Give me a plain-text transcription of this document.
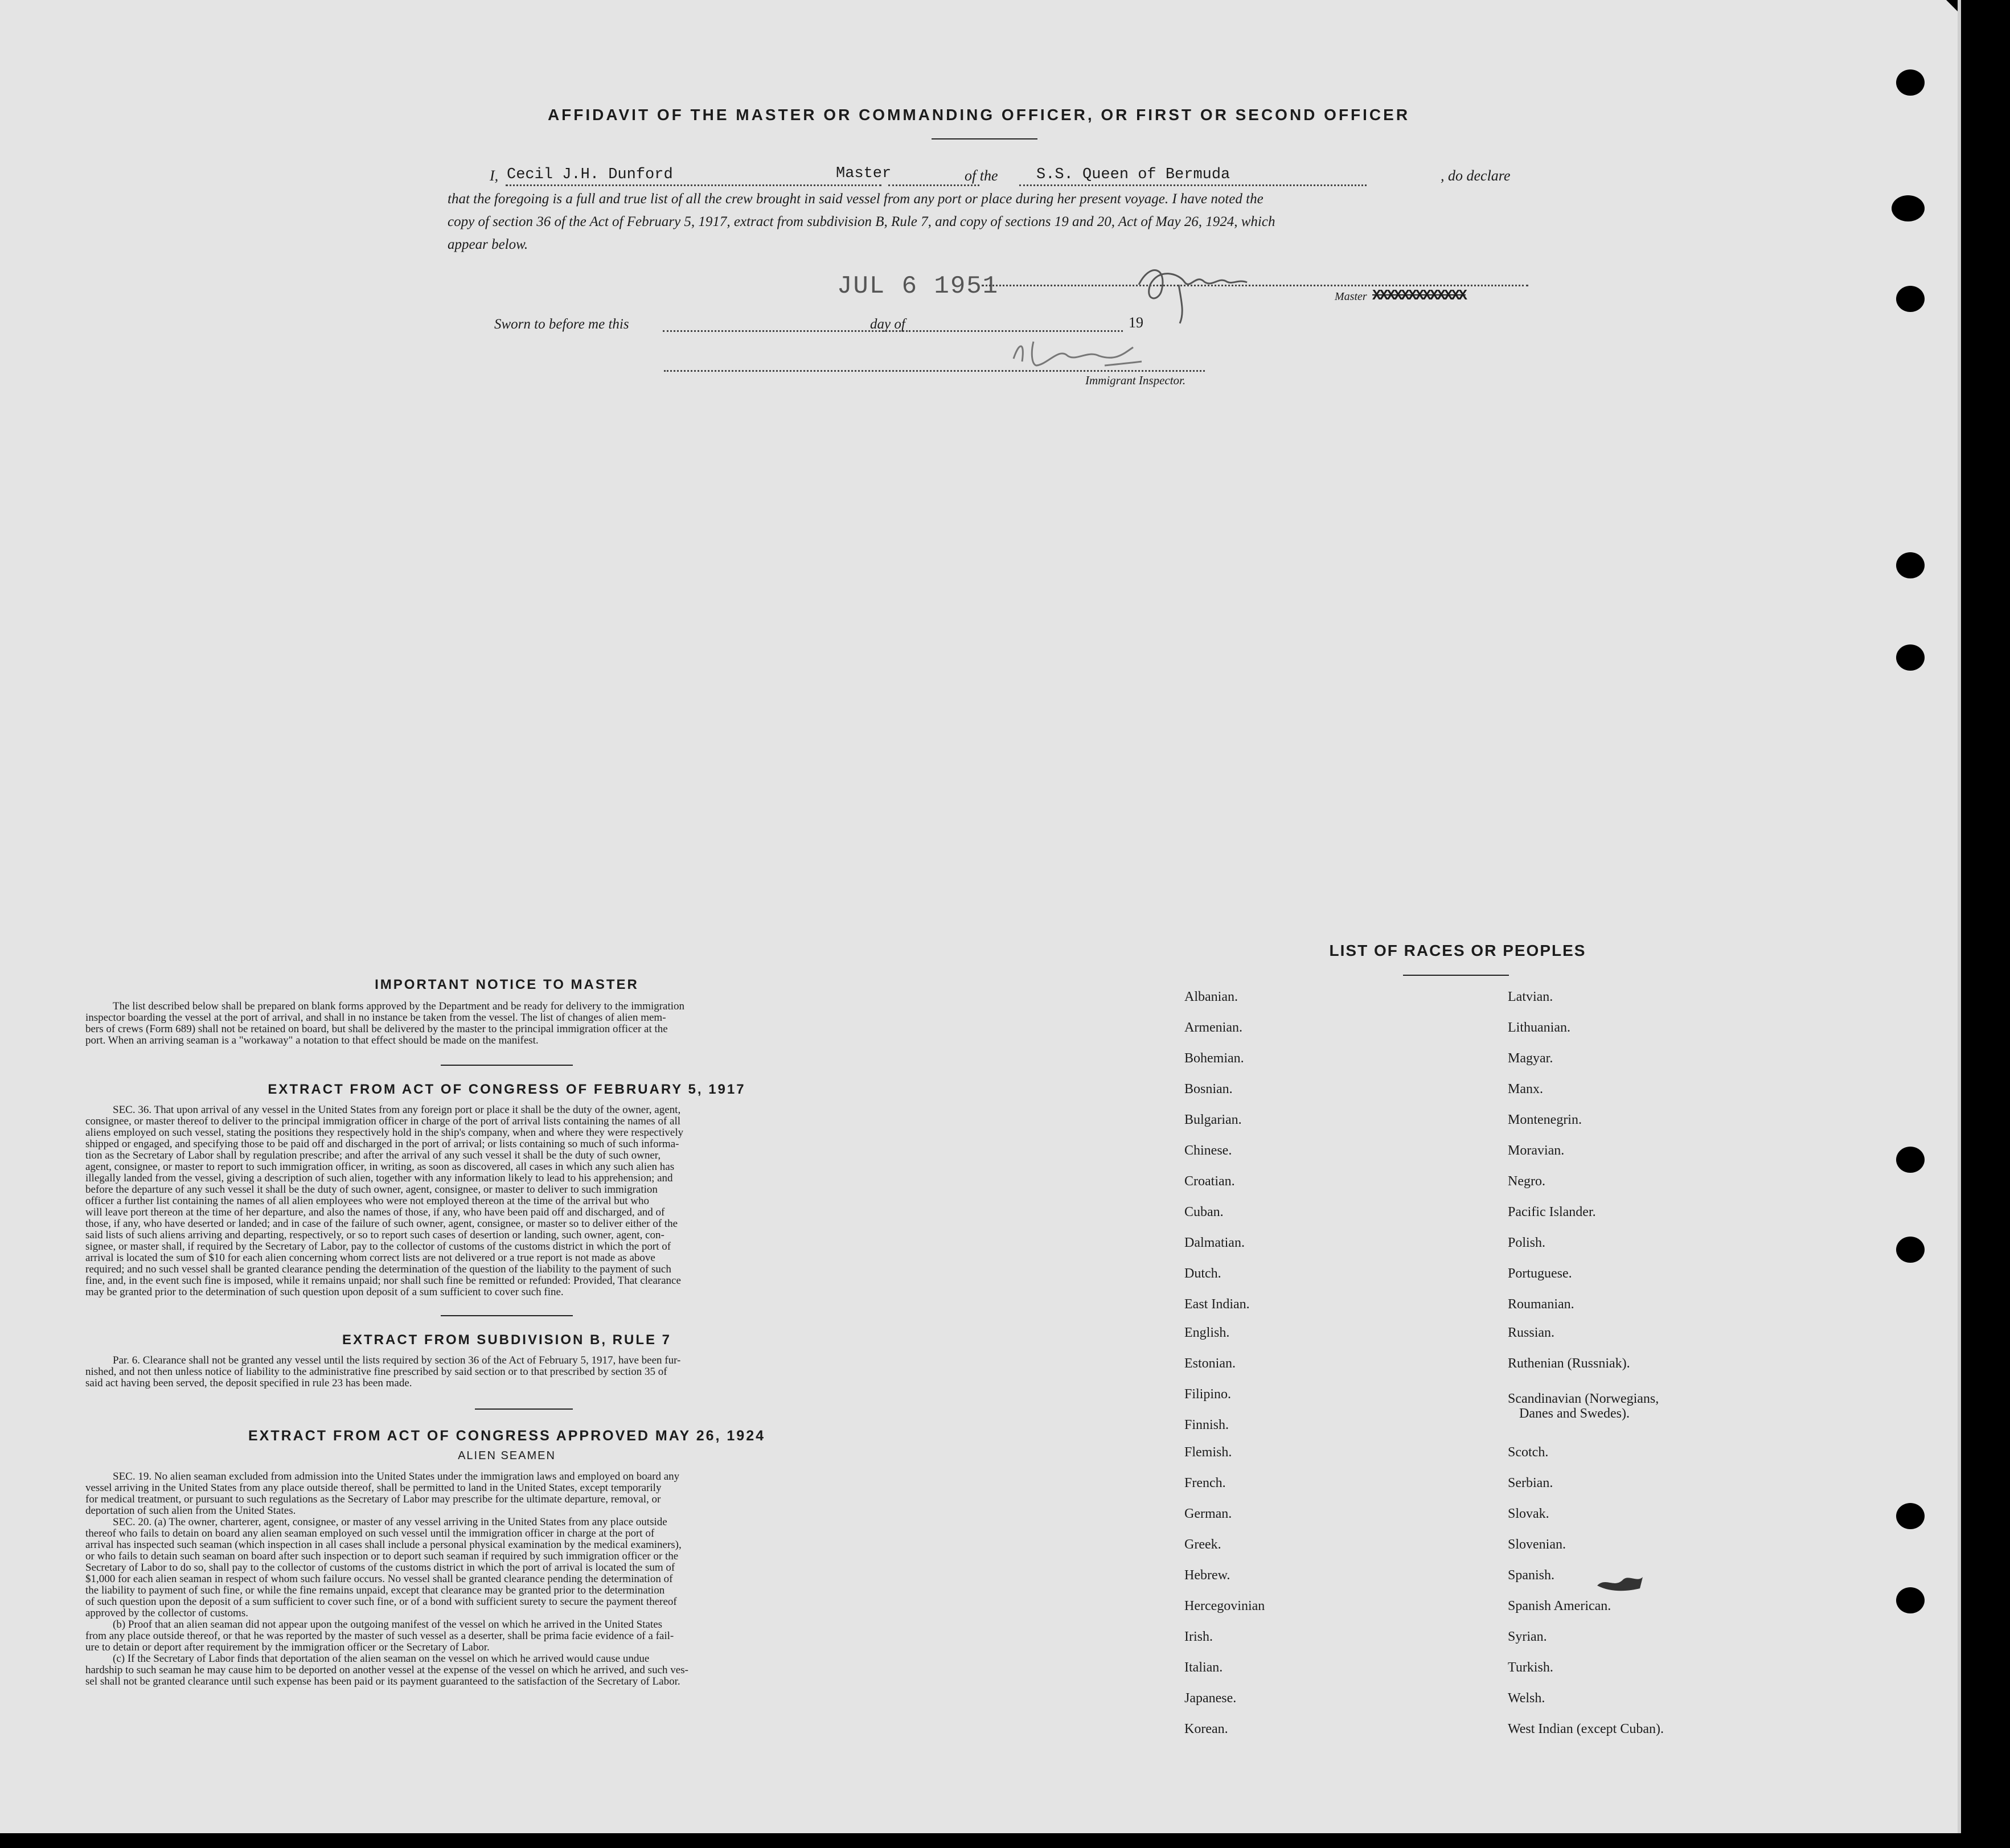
AFFIDAVIT OF THE MASTER OR COMMANDING OFFICER, OR FIRST OR SECOND OFFICER
I, Cecil J.H. Dunford	Master	of the	S.S. Queen of Bermuda	, do declare
that the foregoing is a full and true list of all the crew brought in said vessel from any port or place during her present voyage. I have noted the
copy of section 36 of the Act of February 5, 1917, extract from subdivision B, Rule 7, and copy of sections 19 and 20, Act of May 26, 1924, which
appear below.
JUL 6 1951	Master XXXXXXXXXXXXX
Sworn to before me this	day of	19
Immigrant Inspector.
IMPORTANT NOTICE TO MASTER
The list described below shall be prepared on blank forms approved by the Department and be ready for delivery to the immigration
inspector boarding the vessel at the port of arrival, and shall in no instance be taken from the vessel. The list of changes of alien mem-
bers of crews (Form 689) shall not be retained on board, but shall be delivered by the master to the principal immigration officer at the
port. When an arriving seaman is a "workaway" a notation to that effect should be made on the manifest.
EXTRACT FROM ACT OF CONGRESS OF FEBRUARY 5, 1917
SEC. 36. That upon arrival of any vessel in the United States from any foreign port or place it shall be the duty of the owner, agent,
consignee, or master thereof to deliver to the principal immigration officer in charge of the port of arrival lists containing the names of all
aliens employed on such vessel, stating the positions they respectively hold in the ship's company, when and where they were respectively
shipped or engaged, and specifying those to be paid off and discharged in the port of arrival; or lists containing so much of such informa-
tion as the Secretary of Labor shall by regulation prescribe; and after the arrival of any such vessel it shall be the duty of such owner,
agent, consignee, or master to report to such immigration officer, in writing, as soon as discovered, all cases in which any such alien has
illegally landed from the vessel, giving a description of such alien, together with any information likely to lead to his apprehension; and
before the departure of any such vessel it shall be the duty of such owner, agent, consignee, or master to deliver to such immigration
officer a further list containing the names of all alien employees who were not employed thereon at the time of the arrival but who
will leave port thereon at the time of her departure, and also the names of those, if any, who have been paid off and discharged, and of
those, if any, who have deserted or landed; and in case of the failure of such owner, agent, consignee, or master so to deliver either of the
said lists of such aliens arriving and departing, respectively, or so to report such cases of desertion or landing, such owner, agent, con-
signee, or master shall, if required by the Secretary of Labor, pay to the collector of customs of the customs district in which the port of
arrival is located the sum of $10 for each alien concerning whom correct lists are not delivered or a true report is not made as above
required; and no such vessel shall be granted clearance pending the determination of the question of the liability to the payment of such
fine, and, in the event such fine is imposed, while it remains unpaid; nor shall such fine be remitted or refunded: Provided, That clearance
may be granted prior to the determination of such question upon deposit of a sum sufficient to cover such fine.
EXTRACT FROM SUBDIVISION B, RULE 7
Par. 6. Clearance shall not be granted any vessel until the lists required by section 36 of the Act of February 5, 1917, have been fur-
nished, and not then unless notice of liability to the administrative fine prescribed by said section or to that prescribed by section 35 of
said act having been served, the deposit specified in rule 23 has been made.
EXTRACT FROM ACT OF CONGRESS APPROVED MAY 26, 1924
ALIEN SEAMEN
SEC. 19. No alien seaman excluded from admission into the United States under the immigration laws and employed on board any
vessel arriving in the United States from any place outside thereof, shall be permitted to land in the United States, except temporarily
for medical treatment, or pursuant to such regulations as the Secretary of Labor may prescribe for the ultimate departure, removal, or
deportation of such alien from the United States.
SEC. 20. (a) The owner, charterer, agent, consignee, or master of any vessel arriving in the United States from any place outside
thereof who fails to detain on board any alien seaman employed on such vessel until the immigration officer in charge at the port of
arrival has inspected such seaman (which inspection in all cases shall include a personal physical examination by the medical examiners),
or who fails to detain such seaman on board after such inspection or to deport such seaman if required by such immigration officer or the
Secretary of Labor to do so, shall pay to the collector of customs of the customs district in which the port of arrival is located the sum of
$1,000 for each alien seaman in respect of whom such failure occurs. No vessel shall be granted clearance pending the determination of
the liability to payment of such fine, or while the fine remains unpaid, except that clearance may be granted prior to the determination
of such question upon the deposit of a sum sufficient to cover such fine, or of a bond with sufficient surety to secure the payment thereof
approved by the collector of customs.
(b) Proof that an alien seaman did not appear upon the outgoing manifest of the vessel on which he arrived in the United States
from any place outside thereof, or that he was reported by the master of such vessel as a deserter, shall be prima facie evidence of a fail-
ure to detain or deport after requirement by the immigration officer or the Secretary of Labor.
(c) If the Secretary of Labor finds that deportation of the alien seaman on the vessel on which he arrived would cause undue
hardship to such seaman he may cause him to be deported on another vessel at the expense of the vessel on which he arrived, and such ves-
sel shall not be granted clearance until such expense has been paid or its payment guaranteed to the satisfaction of the Secretary of Labor.
LIST OF RACES OR PEOPLES
Albanian.
Armenian.
Bohemian.
Bosnian.
Bulgarian.
Chinese.
Croatian.
Cuban.
Dalmatian.
Dutch.
East Indian.
English.
Estonian.
Filipino.
Finnish.
Flemish.
French.
German.
Greek.
Hebrew.
Hercegovinian
Irish.
Italian.
Japanese.
Korean.
Latvian.
Lithuanian.
Magyar.
Manx.
Montenegrin.
Moravian.
Negro.
Pacific Islander.
Polish.
Portuguese.
Roumanian.
Russian.
Ruthenian (Russniak).
Scandinavian (Norwegians,
Danes and Swedes).
Scotch.
Serbian.
Slovak.
Slovenian.
Spanish.
Spanish American.
Syrian.
Turkish.
Welsh.
West Indian (except Cuban).
